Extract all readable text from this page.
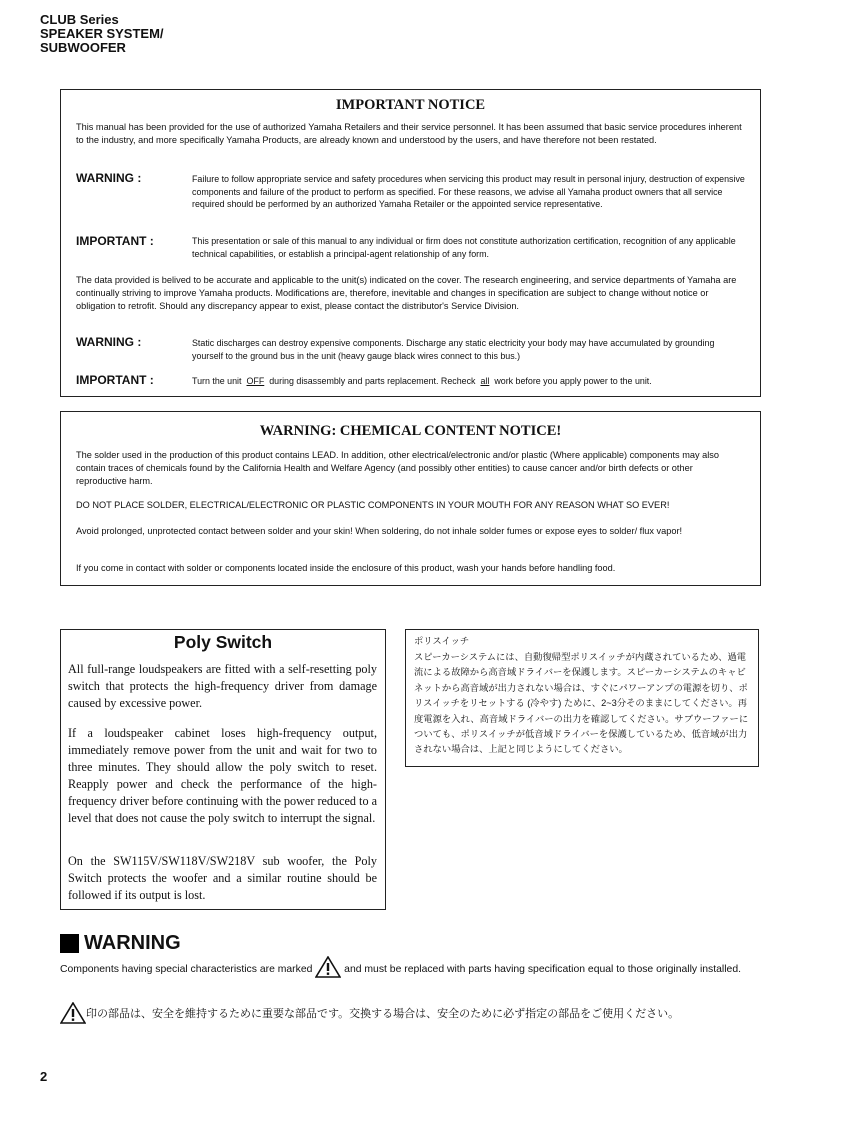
CLUB Series
SPEAKER SYSTEM/
SUBWOOFER
IMPORTANT NOTICE
This manual has been provided for the use of authorized Yamaha Retailers and their service personnel. It has been assumed that basic service procedures inherent to the industry, and more specifically Yamaha Products, are already known and understood by the users, and have therefore not been restated.
WARNING :	Failure to follow appropriate service and safety procedures when servicing this product may result in personal injury, destruction of expensive components and failure of the product to perform as specified. For these reasons, we advise all Yamaha product owners that all service required should be performed by an authorized Yamaha Retailer or the appointed service representative.
IMPORTANT :	This presentation or sale of this manual to any individual or firm does not constitute authorization certification, recognition of any applicable technical capabilities, or establish a principal-agent relationship of any form.
The data provided is belived to be accurate and applicable to the unit(s) indicated on the cover. The research engineering, and service departments of Yamaha are continually striving to improve Yamaha products. Modifications are, therefore, inevitable and changes in specification are subject to change without notice or obligation to retrofit. Should any discrepancy appear to exist, please contact the distributor's Service Division.
WARNING :	Static discharges can destroy expensive components. Discharge any static electricity your body may have accumulated by grounding yourself to the ground bus in the unit (heavy gauge black wires connect to this bus.)
IMPORTANT :	Turn the unit OFF during disassembly and parts replacement. Recheck all work before you apply power to the unit.
WARNING: CHEMICAL CONTENT NOTICE!
The solder used in the production of this product contains LEAD. In addition, other electrical/electronic and/or plastic (Where applicable) components may also contain traces of chemicals found by the California Health and Welfare Agency (and possibly other entities) to cause cancer and/or birth defects or other reproductive harm.
DO NOT PLACE SOLDER, ELECTRICAL/ELECTRONIC OR PLASTIC COMPONENTS IN YOUR MOUTH FOR ANY REASON WHAT SO EVER!
Avoid prolonged, unprotected contact between solder and your skin! When soldering, do not inhale solder fumes or expose eyes to solder/ flux vapor!
If you come in contact with solder or components located inside the enclosure of this product, wash your hands before handling food.
Poly Switch
All full-range loudspeakers are fitted with a self-resetting poly switch that protects the high-frequency driver from damage caused by excessive power.
If a loudspeaker cabinet loses high-frequency output, immediately remove power from the unit and wait for two to three minutes. They should allow the poly switch to reset. Reapply power and check the performance of the high-frequency driver before continuing with the power reduced to a level that does not cause the poly switch to interrupt the signal.
On the SW115V/SW118V/SW218V sub woofer, the Poly Switch protects the woofer and a similar routine should be followed if its output is lost.
ポリスイッチ
スピーカーシステムには、自動復帰型ポリスイッチが内蔵されているため、過電流による故障から高音域ドライバーを保護します。スピーカーシステムのキャビネットから高音域が出力されない場合は、すぐにパワーアンプの電源を切り、ポリスイッチをリセットする (冷やす) ために、2~3分そのままにしてください。再度電源を入れ、高音域ドライバーの出力を確認してください。サブウーファーについても、ポリスイッチが低音域ドライバーを保護しているため、低音域が出力されない場合は、上記と同じようにしてください。
WARNING
Components having special characteristics are marked	and must be replaced with parts having specification equal to those originally installed.
印の部品は、安全を維持するために重要な部品です。交換する場合は、安全のために必ず指定の部品をご使用ください。
2
